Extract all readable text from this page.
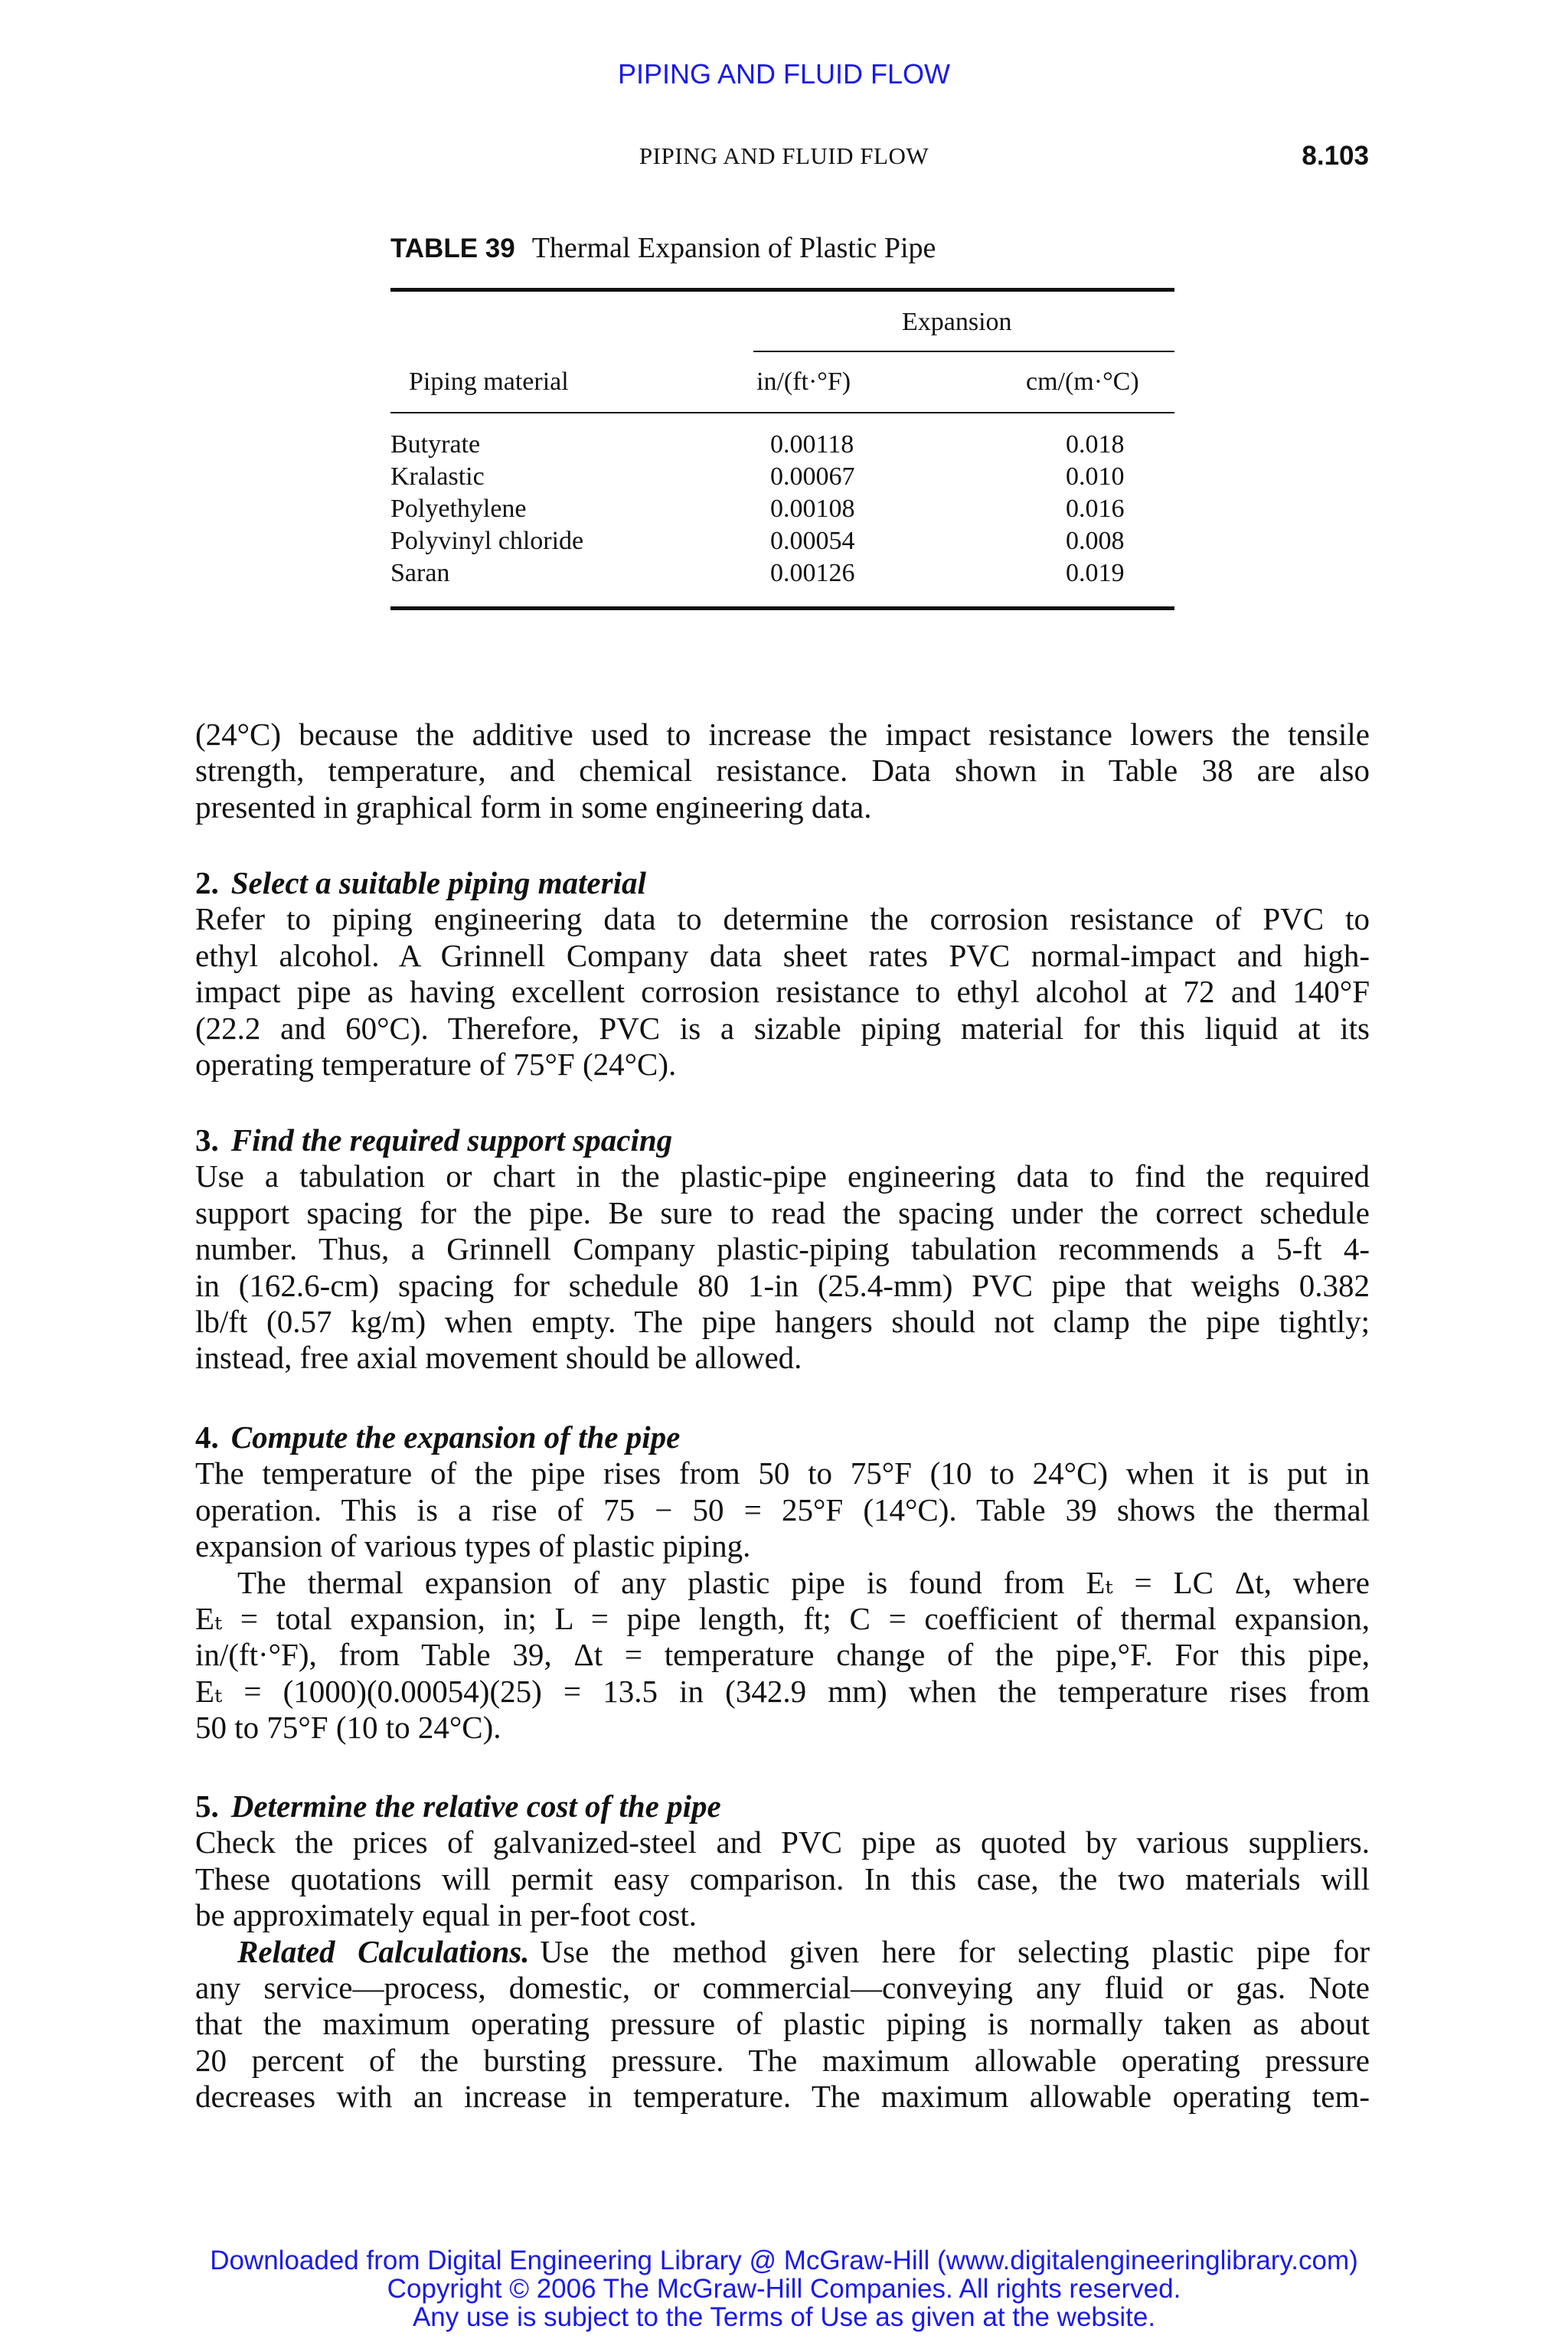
PIPING AND FLUID FLOW
PIPING AND FLUID FLOW	8.103
TABLE 39 Thermal Expansion of Plastic Pipe
Expansion
Piping material	in/(ft·°F)	cm/(m·°C)
Butyrate	0.00118	0.018
Kralastic	0.00067	0.010
Polyethylene	0.00108	0.016
Polyvinyl chloride	0.00054	0.008
Saran	0.00126	0.019
(24°C) because the additive used to increase the impact resistance lowers the tensile
strength, temperature, and chemical resistance. Data shown in Table 38 are also
presented in graphical form in some engineering data.
2. Select a suitable piping material
Refer to piping engineering data to determine the corrosion resistance of PVC to
ethyl alcohol. A Grinnell Company data sheet rates PVC normal-impact and high-
impact pipe as having excellent corrosion resistance to ethyl alcohol at 72 and 140°F
(22.2 and 60°C). Therefore, PVC is a sizable piping material for this liquid at its
operating temperature of 75°F (24°C).
3. Find the required support spacing
Use a tabulation or chart in the plastic-pipe engineering data to find the required
support spacing for the pipe. Be sure to read the spacing under the correct schedule
number. Thus, a Grinnell Company plastic-piping tabulation recommends a 5-ft 4-
in (162.6-cm) spacing for schedule 80 1-in (25.4-mm) PVC pipe that weighs 0.382
lb/ft (0.57 kg/m) when empty. The pipe hangers should not clamp the pipe tightly;
instead, free axial movement should be allowed.
4. Compute the expansion of the pipe
The temperature of the pipe rises from 50 to 75°F (10 to 24°C) when it is put in
operation. This is a rise of 75 − 50 = 25°F (14°C). Table 39 shows the thermal
expansion of various types of plastic piping.
The thermal expansion of any plastic pipe is found from Eₜ = LC Δt, where
Eₜ = total expansion, in; L = pipe length, ft; C = coefficient of thermal expansion,
in/(ft·°F), from Table 39, Δt = temperature change of the pipe,°F. For this pipe,
Eₜ = (1000)(0.00054)(25) = 13.5 in (342.9 mm) when the temperature rises from
50 to 75°F (10 to 24°C).
5. Determine the relative cost of the pipe
Check the prices of galvanized-steel and PVC pipe as quoted by various suppliers.
These quotations will permit easy comparison. In this case, the two materials will
be approximately equal in per-foot cost.
Related Calculations. Use the method given here for selecting plastic pipe for
any service—process, domestic, or commercial—conveying any fluid or gas. Note
that the maximum operating pressure of plastic piping is normally taken as about
20 percent of the bursting pressure. The maximum allowable operating pressure
decreases with an increase in temperature. The maximum allowable operating tem-
Downloaded from Digital Engineering Library @ McGraw-Hill (www.digitalengineeringlibrary.com)
Copyright © 2006 The McGraw-Hill Companies. All rights reserved.
Any use is subject to the Terms of Use as given at the website.
